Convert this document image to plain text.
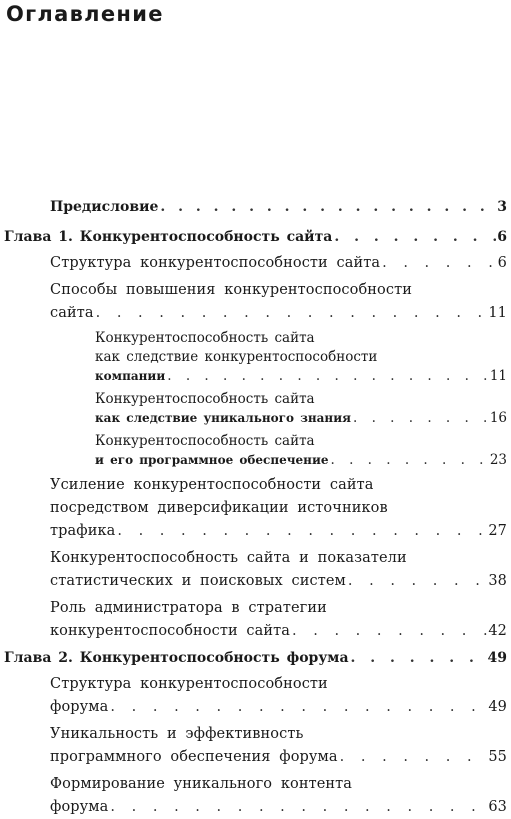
Оглавление
Предисловие . . .	3
Глава 1. Конкурентоспособность сайта . . .	6
Структура конкурентоспособности сайта . . .	6
Способы повышения конкурентоспособности
сайта . . .	11
Конкурентоспособность сайта
как следствие конкурентоспособности
компании . . .	11
Конкурентоспособность сайта
как следствие уникального знания . . .	16
Конкурентоспособность сайта
и его программное обеспечение . . .	23
Усиление конкурентоспособности сайта
посредством диверсификации источников
трафика . . .	27
Конкурентоспособность сайта и показатели
статистических и поисковых систем . . .	38
Роль администратора в стратегии
конкурентоспособности сайта . . .	42
Глава 2. Конкурентоспособность форума . . .	49
Структура конкурентоспособности
форума . . .	49
Уникальность и эффективность
программного обеспечения форума . . .	55
Формирование уникального контента
форума . . .	63
